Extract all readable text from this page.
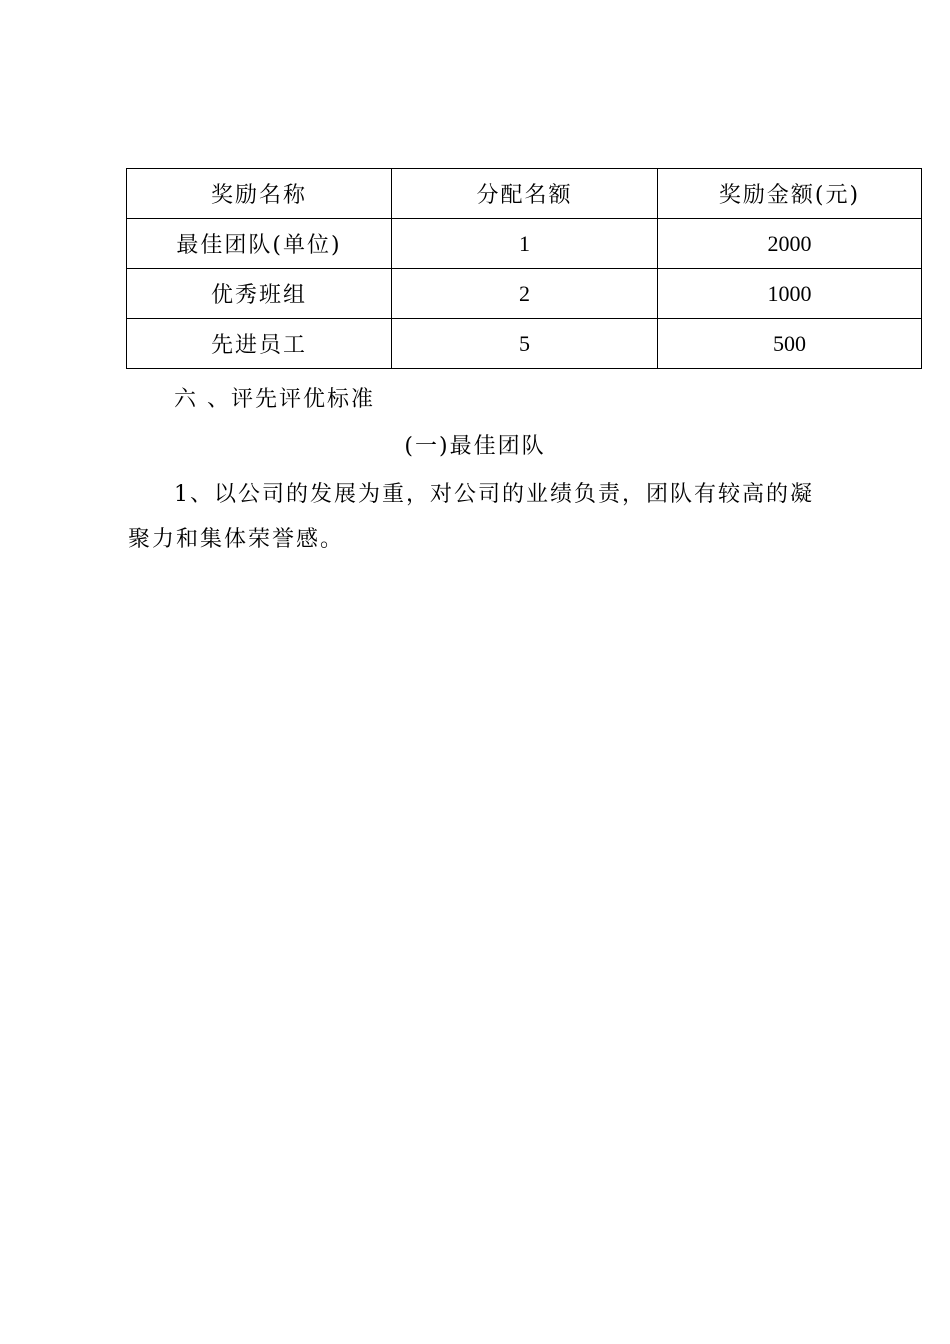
奖励名称	分配名额	奖励金额(元)
最佳团队(单位)	1	2000
优秀班组	2	1000
先进员工	5	500

六 、评先评优标准

(一)最佳团队

1、以公司的发展为重，对公司的业绩负责，团队有较高的凝

聚力和集体荣誉感。
